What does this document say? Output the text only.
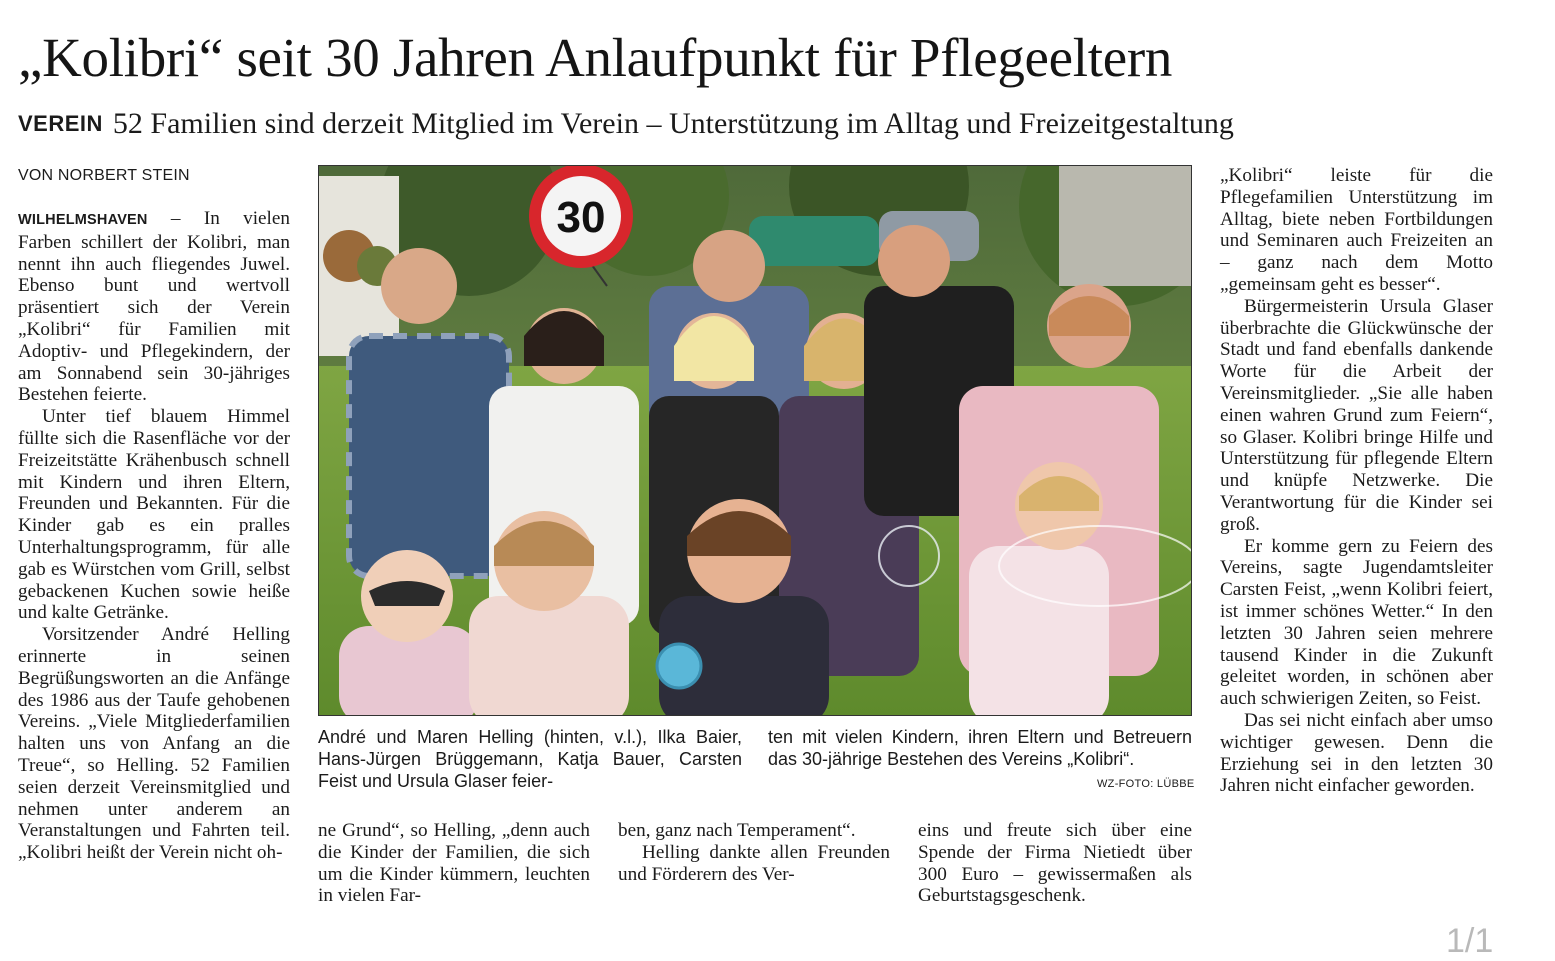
„Kolibri“ seit 30 Jahren Anlaufpunkt für Pflegeeltern
VEREIN 52 Familien sind derzeit Mitglied im Verein – Unterstützung im Alltag und Freizeitgestaltung
VON NORBERT STEIN

WILHELMSHAVEN – In vielen Farben schillert der Kolibri, man nennt ihn auch fliegendes Juwel. Ebenso bunt und wertvoll präsentiert sich der Verein „Kolibri“ für Familien mit Adoptiv- und Pflegekindern, der am Sonnabend sein 30-jähriges Bestehen feierte.

Unter tief blauem Himmel füllte sich die Rasenfläche vor der Freizeitstätte Krähenbusch schnell mit Kindern und ihren Eltern, Freunden und Bekannten. Für die Kinder gab es ein pralles Unterhaltungsprogramm, für alle gab es Würstchen vom Grill, selbst gebackenen Kuchen sowie heiße und kalte Getränke.

Vorsitzender André Helling erinnerte in seinen Begrüßungsworten an die Anfänge des 1986 aus der Taufe gehobenen Vereins. „Viele Mitgliederfamilien halten uns von Anfang an die Treue“, so Helling. 52 Familien seien derzeit Vereinsmitglied und nehmen unter anderem an Veranstaltungen und Fahrten teil. „Kolibri heißt der Verein nicht oh-

30
André und Maren Helling (hinten, v.l.), Ilka Baier, Hans-Jürgen Brüggemann, Katja Bauer, Carsten Feist und Ursula Glaser feier-
ten mit vielen Kindern, ihren Eltern und Betreuern das 30-jährige Bestehen des Vereins „Kolibri“.
WZ-FOTO: LÜBBE

ne Grund“, so Helling, „denn auch die Kinder der Familien, die sich um die Kinder kümmern, leuchten in vielen Far-

ben, ganz nach Temperament“.

Helling dankte allen Freunden und Förderern des Ver-

eins und freute sich über eine Spende der Firma Nietiedt über 300 Euro – gewissermaßen als Geburtstagsgeschenk.

„Kolibri“ leiste für die Pflegefamilien Unterstützung im Alltag, biete neben Fortbildungen und Seminaren auch Freizeiten an – ganz nach dem Motto „gemeinsam geht es besser“.

Bürgermeisterin Ursula Glaser überbrachte die Glückwünsche der Stadt und fand ebenfalls dankende Worte für die Arbeit der Vereinsmitglieder. „Sie alle haben einen wahren Grund zum Feiern“, so Glaser. Kolibri bringe Hilfe und Unterstützung für pflegende Eltern und knüpfe Netzwerke. Die Verantwortung für die Kinder sei groß.

Er komme gern zu Feiern des Vereins, sagte Jugendamtsleiter Carsten Feist, „wenn Kolibri feiert, ist immer schönes Wetter.“ In den letzten 30 Jahren seien mehrere tausend Kinder in die Zukunft geleitet worden, in schönen aber auch schwierigen Zeiten, so Feist.

Das sei nicht einfach aber umso wichtiger gewesen. Denn die Erziehung sei in den letzten 30 Jahren nicht einfacher geworden.

1/1
